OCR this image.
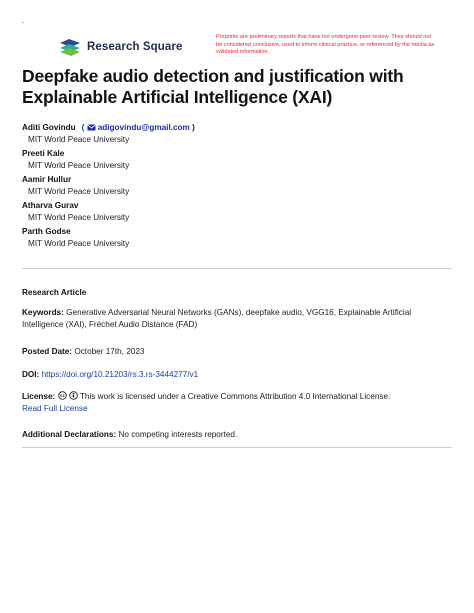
Research Square
Preprints are preliminary reports that have not undergone peer review. They should not be considered conclusive, used to inform clinical practice, or referenced by the media as validated information.
Deepfake audio detection and justification with Explainable Artificial Intelligence (XAI)
Aditi Govindu ( adigovindu@gmail.com )
MIT World Peace University
Preeti Kale
MIT World Peace University
Aamir Hullur
MIT World Peace University
Atharva Gurav
MIT World Peace University
Parth Godse
MIT World Peace University
Research Article
Keywords: Generative Adversarial Neural Networks (GANs), deepfake audio, VGG16, Explainable Artificial Intelligence (XAI), Fréchet Audio Distance (FAD)
Posted Date: October 17th, 2023
DOI: https://doi.org/10.21203/rs.3.rs-3444277/v1
License: cc This work is licensed under a Creative Commons Attribution 4.0 International License.
Read Full License
Additional Declarations: No competing interests reported.
